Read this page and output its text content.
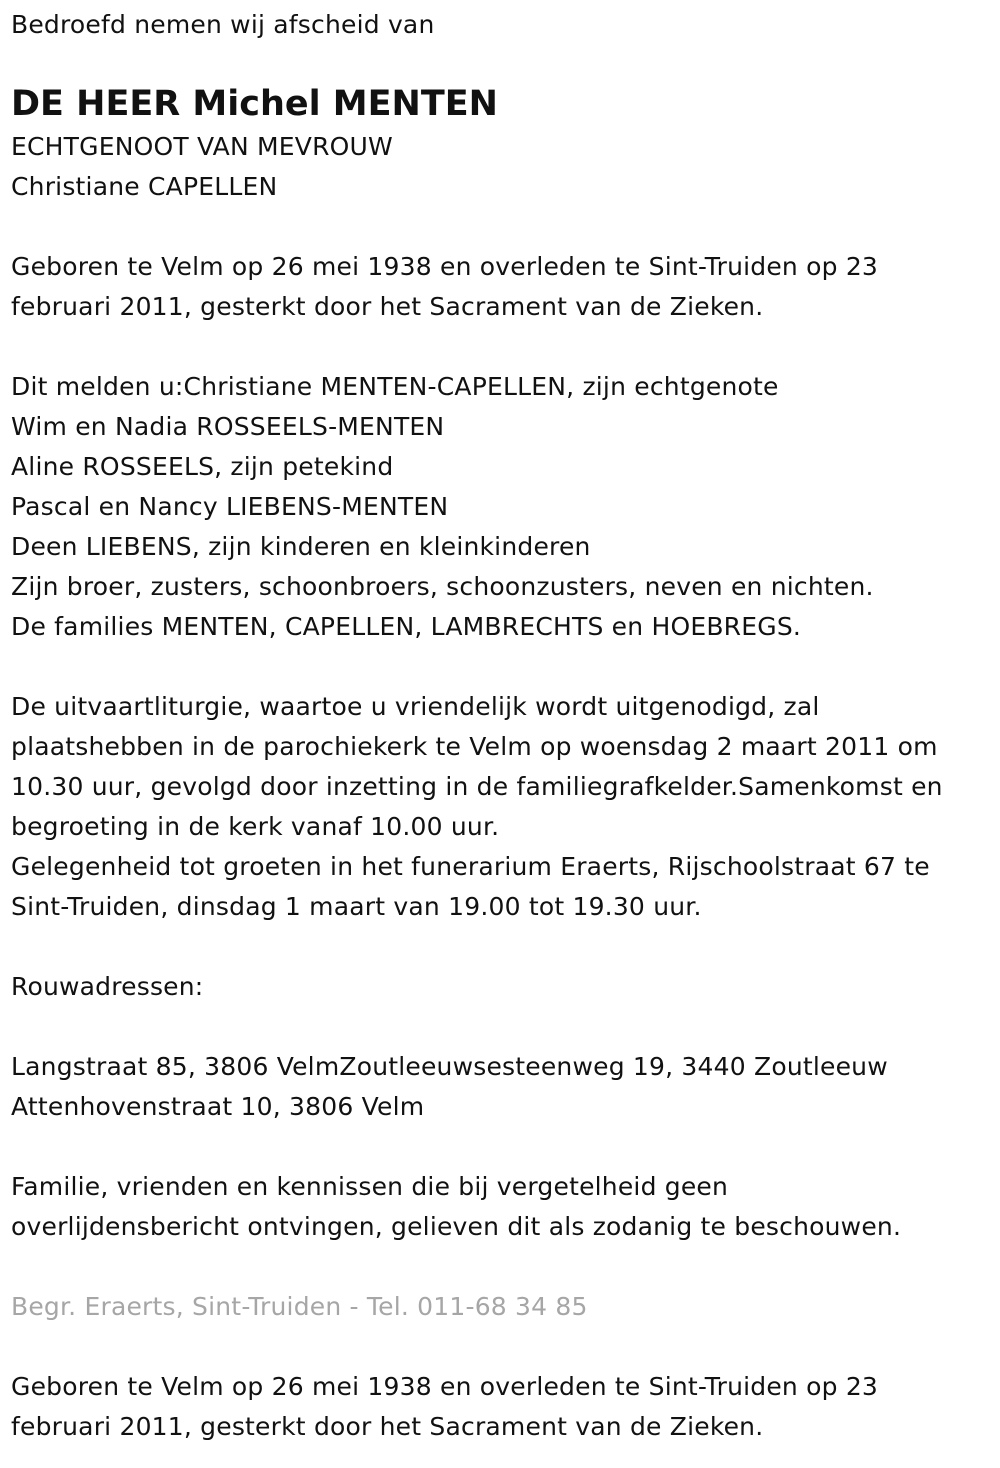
Bedroefd nemen wij afscheid van
DE HEER Michel MENTEN
ECHTGENOOT VAN MEVROUW
Christiane CAPELLEN
Geboren te Velm op 26 mei 1938 en overleden te Sint-Truiden op 23
februari 2011, gesterkt door het Sacrament van de Zieken.
Dit melden u:Christiane MENTEN-CAPELLEN, zijn echtgenote
Wim en Nadia ROSSEELS-MENTEN
Aline ROSSEELS, zijn petekind
Pascal en Nancy LIEBENS-MENTEN
Deen LIEBENS, zijn kinderen en kleinkinderen
Zijn broer, zusters, schoonbroers, schoonzusters, neven en nichten.
De families MENTEN, CAPELLEN, LAMBRECHTS en HOEBREGS.
De uitvaartliturgie, waartoe u vriendelijk wordt uitgenodigd, zal
plaatshebben in de parochiekerk te Velm op woensdag 2 maart 2011 om
10.30 uur, gevolgd door inzetting in de familiegrafkelder.Samenkomst en
begroeting in de kerk vanaf 10.00 uur.
Gelegenheid tot groeten in het funerarium Eraerts, Rijschoolstraat 67 te
Sint-Truiden, dinsdag 1 maart van 19.00 tot 19.30 uur.
Rouwadressen:
Langstraat 85, 3806 VelmZoutleeuwsesteenweg 19, 3440 Zoutleeuw
Attenhovenstraat 10, 3806 Velm
Familie, vrienden en kennissen die bij vergetelheid geen
overlijdensbericht ontvingen, gelieven dit als zodanig te beschouwen.
Begr. Eraerts, Sint-Truiden - Tel. 011-68 34 85
Geboren te Velm op 26 mei 1938 en overleden te Sint-Truiden op 23
februari 2011, gesterkt door het Sacrament van de Zieken.
